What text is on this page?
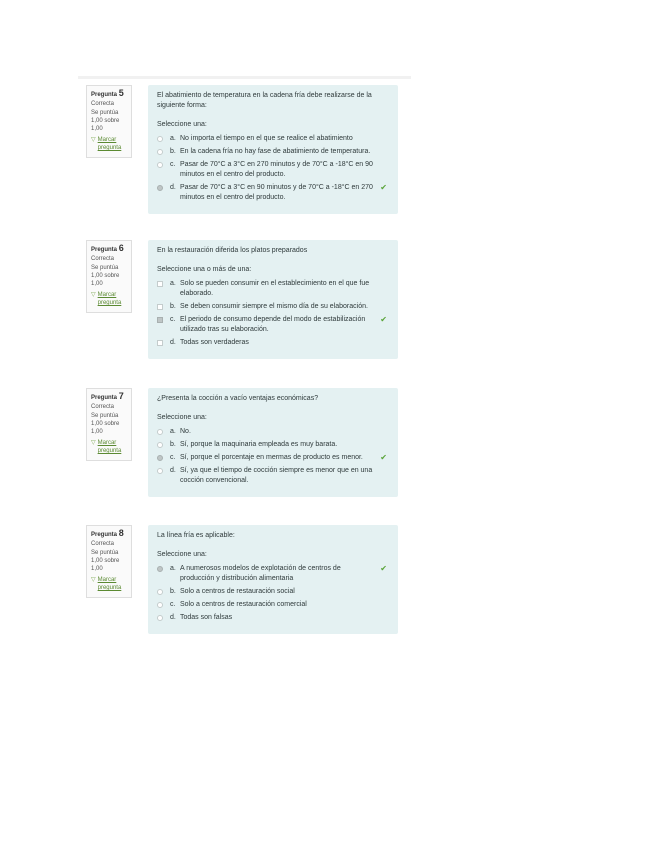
Pregunta 5
Correcta
Se puntúa 1,00 sobre 1,00
▽ Marcar pregunta
El abatimiento de temperatura en la cadena fría debe realizarse de la siguiente forma:
Seleccione una:
a. No importa el tiempo en el que se realice el abatimiento
b. En la cadena fría no hay fase de abatimiento de temperatura.
c. Pasar de 70°C a 3°C en 270 minutos y de 70°C a -18°C en 90 minutos en el centro del producto.
d. Pasar de 70°C a 3°C en 90 minutos y de 70°C a -18°C en 270 minutos en el centro del producto.
✔
Pregunta 6
Correcta
Se puntúa 1,00 sobre 1,00
▽ Marcar pregunta
En la restauración diferida los platos preparados
Seleccione una o más de una:
a. Solo se pueden consumir en el establecimiento en el que fue elaborado.
b. Se deben consumir siempre el mismo día de su elaboración.
c. El periodo de consumo depende del modo de estabilización utilizado tras su elaboración.
✔
d. Todas son verdaderas
Pregunta 7
Correcta
Se puntúa 1,00 sobre 1,00
▽ Marcar pregunta
¿Presenta la cocción a vacío ventajas económicas?
Seleccione una:
a. No.
b. Sí, porque la maquinaria empleada es muy barata.
c. Sí, porque el porcentaje en mermas de producto es menor.	✔
d. Sí, ya que el tiempo de cocción siempre es menor que en una cocción convencional.
Pregunta 8
Correcta
Se puntúa 1,00 sobre 1,00
▽ Marcar pregunta
La línea fría es aplicable:
Seleccione una:
a. A numerosos modelos de explotación de centros de producción y distribución alimentaria
✔
b. Solo a centros de restauración social
c. Solo a centros de restauración comercial
d. Todas son falsas
